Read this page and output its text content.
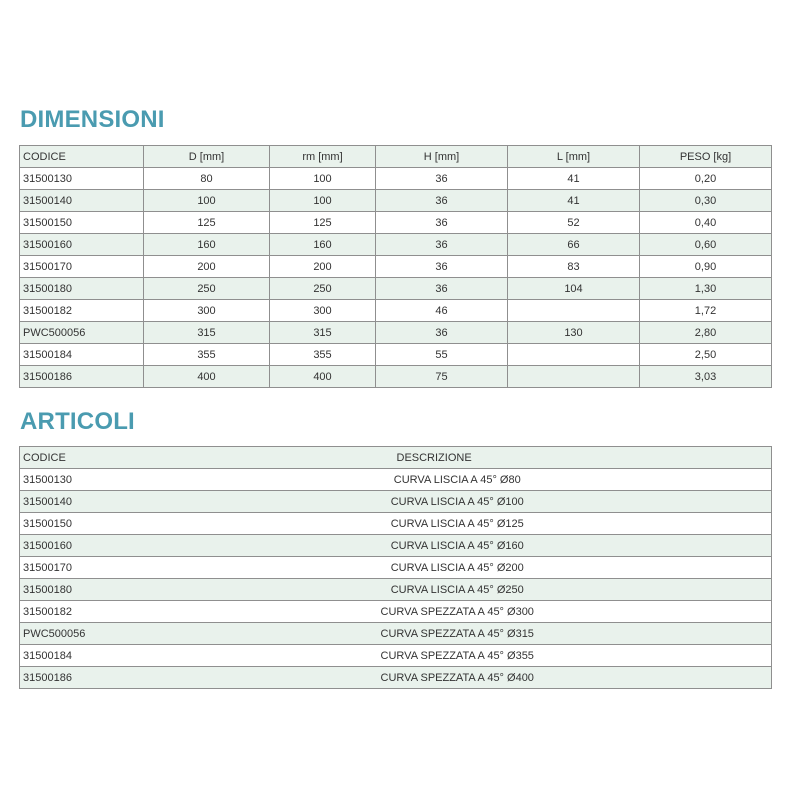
DIMENSIONI
CODICE	D [mm]	rm [mm]	H [mm]	L [mm]	PESO [kg]
31500130	80	100	36	41	0,20
31500140	100	100	36	41	0,30
31500150	125	125	36	52	0,40
31500160	160	160	36	66	0,60
31500170	200	200	36	83	0,90
31500180	250	250	36	104	1,30
31500182	300	300	46		1,72
PWC500056	315	315	36	130	2,80
31500184	355	355	55		2,50
31500186	400	400	75		3,03
ARTICOLI
CODICE	DESCRIZIONE
31500130	CURVA LISCIA A 45° Ø80
31500140	CURVA LISCIA A 45° Ø100
31500150	CURVA LISCIA A 45° Ø125
31500160	CURVA LISCIA A 45° Ø160
31500170	CURVA LISCIA A 45° Ø200
31500180	CURVA LISCIA A 45° Ø250
31500182	CURVA SPEZZATA A 45° Ø300
PWC500056	CURVA SPEZZATA A 45° Ø315
31500184	CURVA SPEZZATA A 45° Ø355
31500186	CURVA SPEZZATA A 45° Ø400
